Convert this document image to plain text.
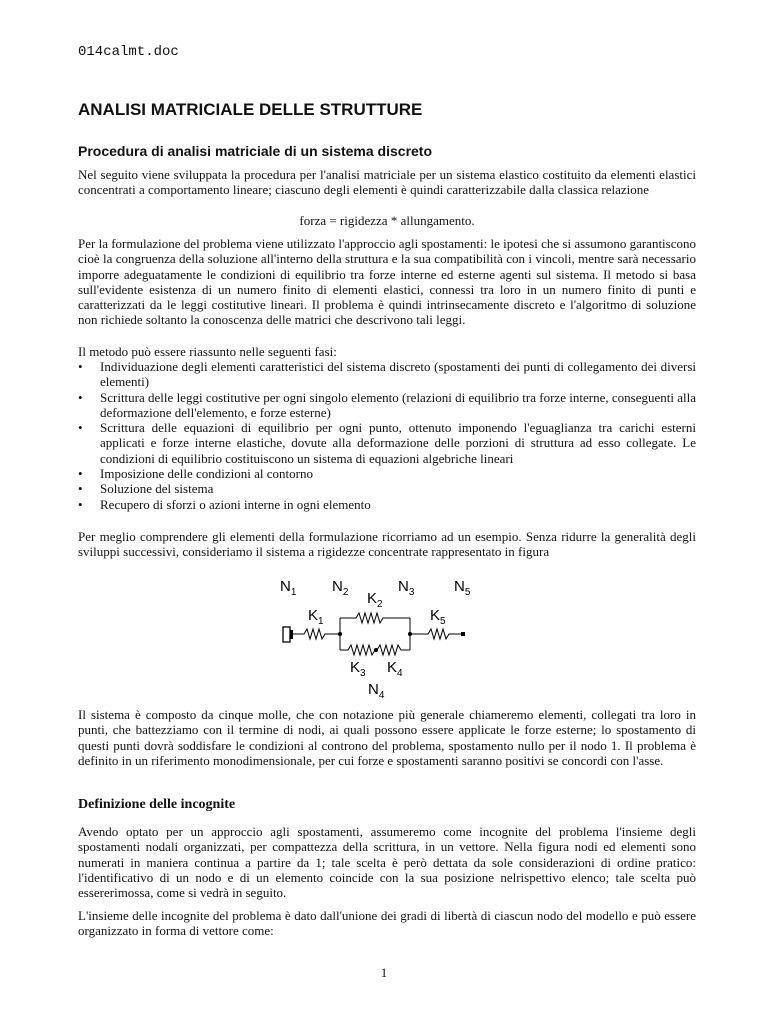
014calmt.doc
ANALISI MATRICIALE DELLE STRUTTURE
Procedura di analisi matriciale di un sistema discreto

Nel seguito viene sviluppata la procedura per l'analisi matriciale per un sistema elastico costituito da elementi elastici concentrati a comportamento lineare; ciascuno degli elementi è quindi caratterizzabile dalla classica relazione

forza = rigidezza * allungamento.

Per la formulazione del problema viene utilizzato l'approccio agli spostamenti: le ipotesi che si assumono garantiscono cioè la congruenza della soluzione all'interno della struttura e la sua compatibilità con i vincoli, mentre sarà necessario imporre adeguatamente le condizioni di equilibrio tra forze interne ed esterne agenti sul sistema. Il metodo si basa sull'evidente esistenza di un numero finito di elementi elastici, connessi tra loro in un numero finito di punti e caratterizzati da le leggi costitutive lineari. Il problema è quindi intrinsecamente discreto e l'algoritmo di soluzione non richiede soltanto la conoscenza delle matrici che descrivono tali leggi.

Il metodo può essere riassunto nelle seguenti fasi:

• Individuazione degli elementi caratteristici del sistema discreto (spostamenti dei punti di collegamento dei diversi elementi)
• Scrittura delle leggi costitutive per ogni singolo elemento (relazioni di equilibrio tra forze interne, conseguenti alla deformazione dell'elemento, e forze esterne)
• Scrittura delle equazioni di equilibrio per ogni punto, ottenuto imponendo l'eguaglianza tra carichi esterni applicati e forze interne elastiche, dovute alla deformazione delle porzioni di struttura ad esso collegate. Le condizioni di equilibrio costituiscono un sistema di equazioni algebriche lineari
• Imposizione delle condizioni al contorno
• Soluzione del sistema
• Recupero di sforzi o azioni interne in ogni elemento

Per meglio comprendere gli elementi della formulazione ricorriamo ad un esempio. Senza ridurre la generalità degli sviluppi successivi, consideriamo il sistema a rigidezze concentrate rappresentato in figura

$N_1$ $N_2$	$N_3$	$N_5$
$N_4$
$K_1$
$K_2$
$K_5$
$K_3$ $K_4$

Il sistema è composto da cinque molle, che con notazione più generale chiameremo elementi, collegati tra loro in punti, che battezziamo con il termine di nodi, ai quali possono essere applicate le forze esterne; lo spostamento di questi punti dovrà soddisfare le condizioni al controno del problema, spostamento nullo per il nodo 1. Il problema è definito in un riferimento monodimensionale, per cui forze e spostamenti saranno positivi se concordi con l'asse.

Definizione delle incognite

Avendo optato per un approccio agli spostamenti, assumeremo come incognite del problema l'insieme degli spostamenti nodali organizzati, per compattezza della scrittura, in un vettore. Nella figura nodi ed elementi sono numerati in maniera continua a partire da 1; tale scelta è però dettata da sole considerazioni di ordine pratico: l'identificativo di un nodo e di un elemento coincide con la sua posizione nelrispettivo elenco; tale scelta può essererimossa, come si vedrà in seguito.

L'insieme delle incognite del problema è dato dall'unione dei gradi di libertà di ciascun nodo del modello e può essere organizzato in forma di vettore come:

1
